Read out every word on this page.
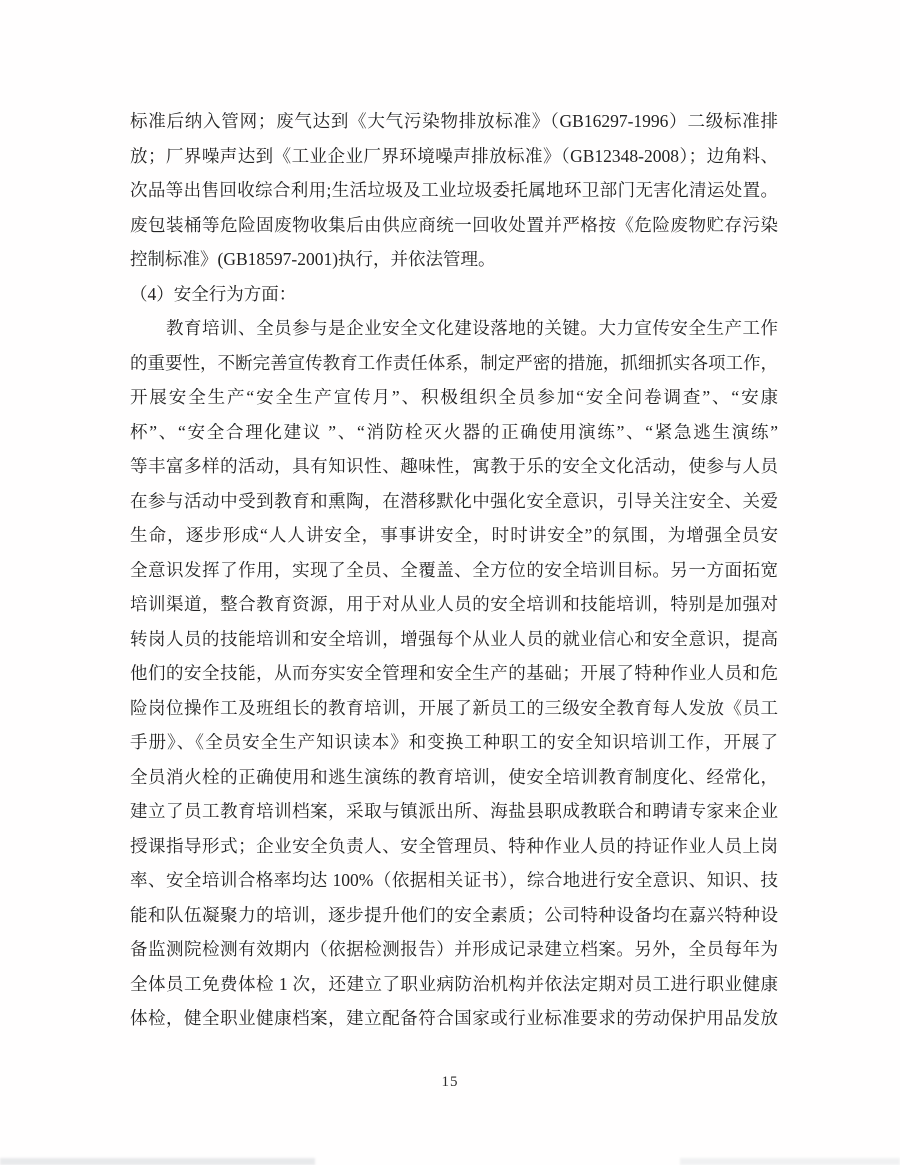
标准后纳入管网；废气达到《大气污染物排放标准》（GB16297-1996）二级标准排
放；厂界噪声达到《工业企业厂界环境噪声排放标准》（GB12348-2008）；边角料、
次品等出售回收综合利用;生活垃圾及工业垃圾委托属地环卫部门无害化清运处置。
废包装桶等危险固废物收集后由供应商统一回收处置并严格按《危险废物贮存污染
控制标准》(GB18597-2001)执行，并依法管理。
（4）安全行为方面：
教育培训、全员参与是企业安全文化建设落地的关键。大力宣传安全生产工作
的重要性，不断完善宣传教育工作责任体系，制定严密的措施，抓细抓实各项工作，
开展安全生产“安全生产宣传月”、积极组织全员参加“安全问卷调查”、“安康
杯”、“安全合理化建议 ”、“消防栓灭火器的正确使用演练”、“紧急逃生演练”
等丰富多样的活动，具有知识性、趣味性，寓教于乐的安全文化活动，使参与人员
在参与活动中受到教育和熏陶，在潜移默化中强化安全意识，引导关注安全、关爱
生命，逐步形成“人人讲安全，事事讲安全，时时讲安全”的氛围，为增强全员安
全意识发挥了作用，实现了全员、全覆盖、全方位的安全培训目标。另一方面拓宽
培训渠道，整合教育资源，用于对从业人员的安全培训和技能培训，特别是加强对
转岗人员的技能培训和安全培训，增强每个从业人员的就业信心和安全意识，提高
他们的安全技能，从而夯实安全管理和安全生产的基础；开展了特种作业人员和危
险岗位操作工及班组长的教育培训，开展了新员工的三级安全教育每人发放《员工
手册》、《全员安全生产知识读本》和变换工种职工的安全知识培训工作，开展了
全员消火栓的正确使用和逃生演练的教育培训，使安全培训教育制度化、经常化，
建立了员工教育培训档案，采取与镇派出所、海盐县职成教联合和聘请专家来企业
授课指导形式；企业安全负责人、安全管理员、特种作业人员的持证作业人员上岗
率、安全培训合格率均达 100%（依据相关证书），综合地进行安全意识、知识、技
能和队伍凝聚力的培训，逐步提升他们的安全素质；公司特种设备均在嘉兴特种设
备监测院检测有效期内（依据检测报告）并形成记录建立档案。另外，全员每年为
全体员工免费体检 1 次，还建立了职业病防治机构并依法定期对员工进行职业健康
体检，健全职业健康档案，建立配备符合国家或行业标准要求的劳动保护用品发放
15
